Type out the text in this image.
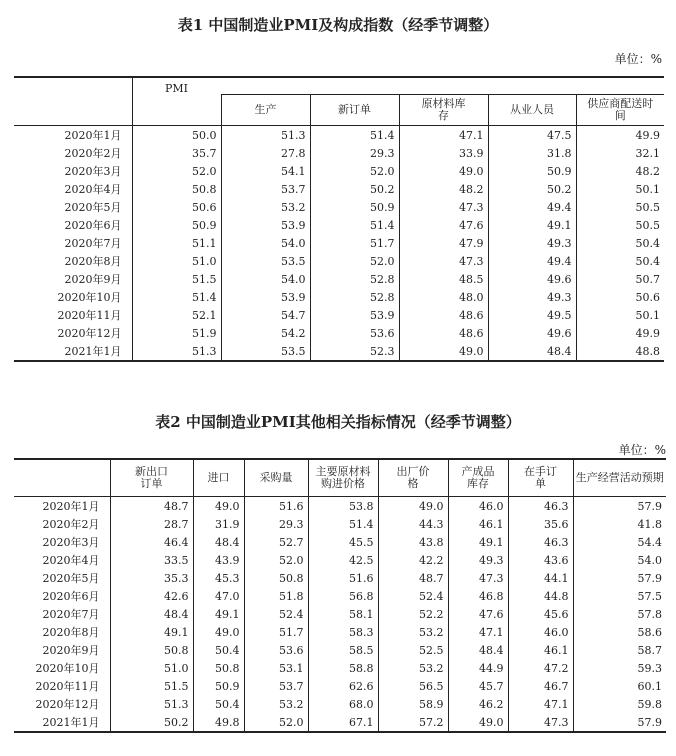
表1 中国制造业PMI及构成指数（经季节调整）
单位：%
	PMI					
		生产	新订单	原材料库存	从业人员	供应商配送时间
2020年1月	50.0	51.3	51.4	47.1	47.5	49.9
2020年2月	35.7	27.8	29.3	33.9	31.8	32.1
2020年3月	52.0	54.1	52.0	49.0	50.9	48.2
2020年4月	50.8	53.7	50.2	48.2	50.2	50.1
2020年5月	50.6	53.2	50.9	47.3	49.4	50.5
2020年6月	50.9	53.9	51.4	47.6	49.1	50.5
2020年7月	51.1	54.0	51.7	47.9	49.3	50.4
2020年8月	51.0	53.5	52.0	47.3	49.4	50.4
2020年9月	51.5	54.0	52.8	48.5	49.6	50.7
2020年10月	51.4	53.9	52.8	48.0	49.3	50.6
2020年11月	52.1	54.7	53.9	48.6	49.5	50.1
2020年12月	51.9	54.2	53.6	48.6	49.6	49.9
2021年1月	51.3	53.5	52.3	49.0	48.4	48.8
表2 中国制造业PMI其他相关指标情况（经季节调整）
单位：%
	新出口订单	进口	采购量	主要原材料购进价格	出厂价格	产成品库存	在手订单	生产经营活动预期
2020年1月	48.7	49.0	51.6	53.8	49.0	46.0	46.3	57.9
2020年2月	28.7	31.9	29.3	51.4	44.3	46.1	35.6	41.8
2020年3月	46.4	48.4	52.7	45.5	43.8	49.1	46.3	54.4
2020年4月	33.5	43.9	52.0	42.5	42.2	49.3	43.6	54.0
2020年5月	35.3	45.3	50.8	51.6	48.7	47.3	44.1	57.9
2020年6月	42.6	47.0	51.8	56.8	52.4	46.8	44.8	57.5
2020年7月	48.4	49.1	52.4	58.1	52.2	47.6	45.6	57.8
2020年8月	49.1	49.0	51.7	58.3	53.2	47.1	46.0	58.6
2020年9月	50.8	50.4	53.6	58.5	52.5	48.4	46.1	58.7
2020年10月	51.0	50.8	53.1	58.8	53.2	44.9	47.2	59.3
2020年11月	51.5	50.9	53.7	62.6	56.5	45.7	46.7	60.1
2020年12月	51.3	50.4	53.2	68.0	58.9	46.2	47.1	59.8
2021年1月	50.2	49.8	52.0	67.1	57.2	49.0	47.3	57.9
